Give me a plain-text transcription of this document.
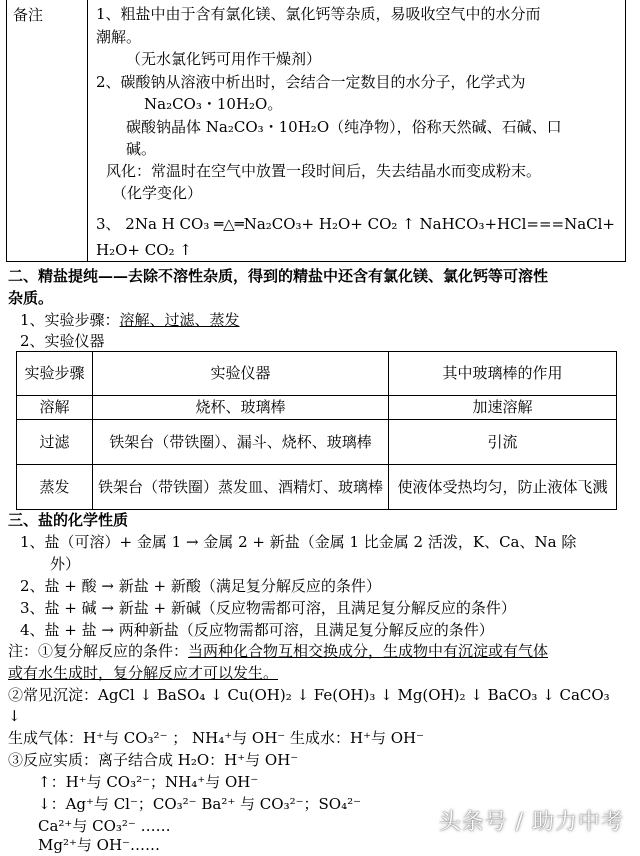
备注	1、粗盐中由于含有氯化镁、氯化钙等杂质，易吸收空气中的水分而
潮解。
（无水氯化钙可用作干燥剂）
2、碳酸钠从溶液中析出时，会结合一定数目的水分子，化学式为
Na₂CO₃・10H₂O。
碳酸钠晶体 Na₂CO₃・10H₂O（纯净物），俗称天然碱、石碱、口
碱。
风化：常温时在空气中放置一段时间后，失去结晶水而变成粉末。
（化学变化）
3、 2Na H CO₃ ═△═Na₂CO₃+ H₂O+ CO₂ ↑ NaHCO₃+HCl===NaCl+
H₂O+ CO₂ ↑
二、精盐提纯——去除不溶性杂质，得到的精盐中还含有氯化镁、氯化钙等可溶性
杂质。
1、实验步骤：溶解、过滤、蒸发
2、实验仪器
实验步骤	实验仪器	其中玻璃棒的作用
溶解	烧杯、玻璃棒	加速溶解
过滤	铁架台（带铁圈）、漏斗、烧杯、玻璃棒	引流
蒸发	铁架台（带铁圈）蒸发皿、酒精灯、玻璃棒	使液体受热均匀，防止液体飞溅
三、盐的化学性质
1、盐（可溶）+ 金属 1 → 金属 2 + 新盐（金属 1 比金属 2 活泼，K、Ca、Na 除
外）
2、盐 + 酸 → 新盐 + 新酸（满足复分解反应的条件）
3、盐 + 碱 → 新盐 + 新碱（反应物需都可溶，且满足复分解反应的条件）
4、盐 + 盐 → 两种新盐（反应物需都可溶，且满足复分解反应的条件）
注：①复分解反应的条件：当两种化合物互相交换成分，生成物中有沉淀或有气体
或有水生成时，复分解反应才可以发生。
②常见沉淀：AgCl ↓ BaSO₄ ↓ Cu(OH)₂ ↓ Fe(OH)₃ ↓ Mg(OH)₂ ↓ BaCO₃ ↓ CaCO₃
↓
生成气体：H⁺与 CO₃²⁻ ； NH₄⁺与 OH⁻ 生成水：H⁺与 OH⁻
③反应实质：离子结合成 H₂O：H⁺与 OH⁻
↑：H⁺与 CO₃²⁻；NH₄⁺与 OH⁻
↓：Ag⁺与 Cl⁻；CO₃²⁻ Ba²⁺ 与 CO₃²⁻；SO₄²⁻
Ca²⁺与 CO₃²⁻ ……
Mg²⁺与 OH⁻……
头条号 / 助力中考
